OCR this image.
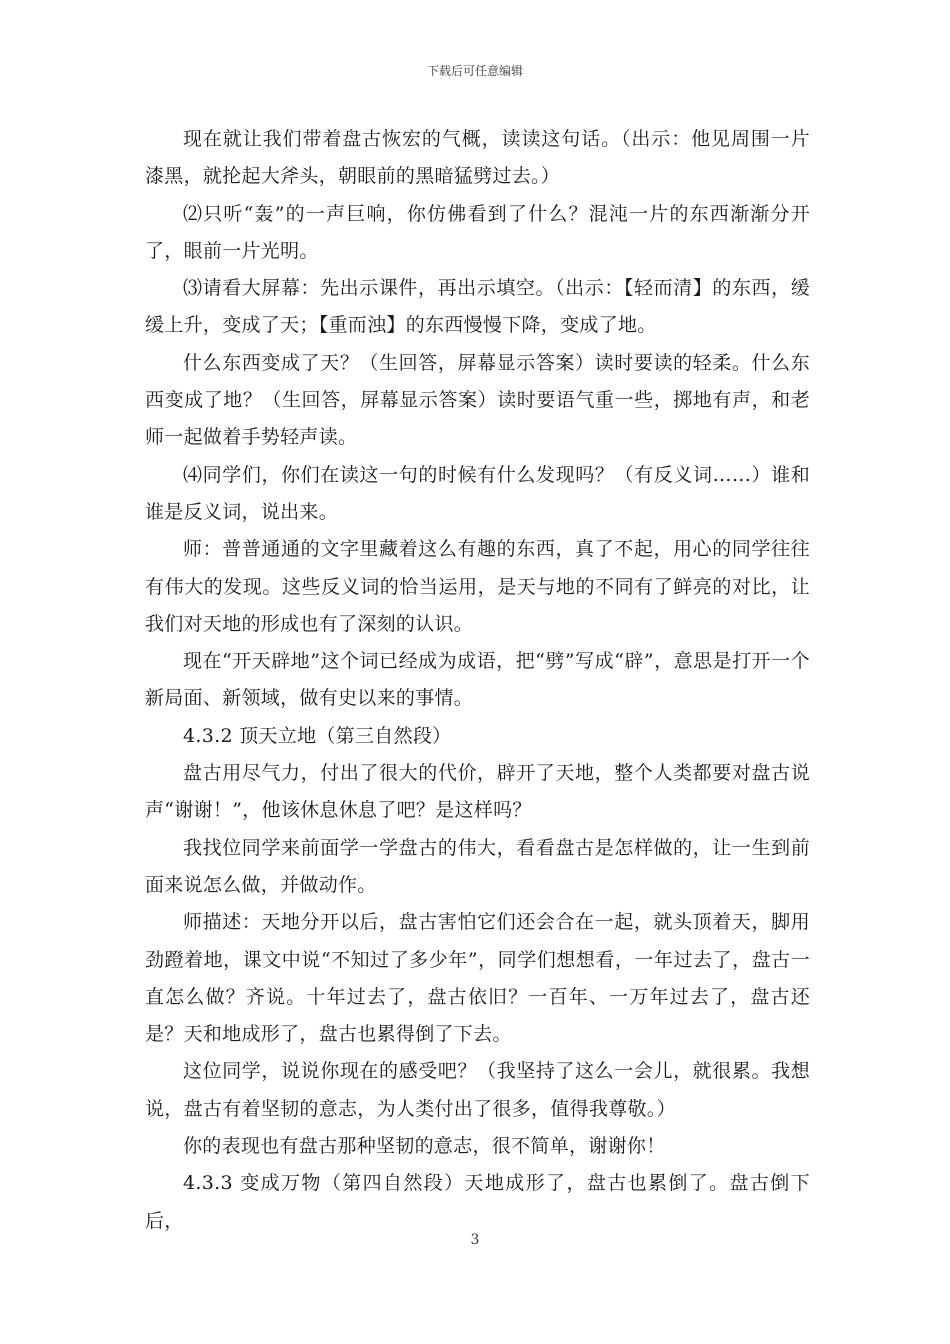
下载后可任意编辑

现在就让我们带着盘古恢宏的气概，读读这句话。（出示：他见周围一片漆黑，就抡起大斧头，朝眼前的黑暗猛劈过去。）

⑵只听“轰”的一声巨响，你仿佛看到了什么？混沌一片的东西渐渐分开了，眼前一片光明。

⑶请看大屏幕：先出示课件，再出示填空。（出示：【轻而清】的东西，缓缓上升，变成了天；【重而浊】的东西慢慢下降，变成了地。

什么东西变成了天？（生回答，屏幕显示答案）读时要读的轻柔。什么东西变成了地？（生回答，屏幕显示答案）读时要语气重一些，掷地有声，和老师一起做着手势轻声读。

⑷同学们，你们在读这一句的时候有什么发现吗？（有反义词……）谁和谁是反义词，说出来。

师：普普通通的文字里藏着这么有趣的东西，真了不起，用心的同学往往有伟大的发现。这些反义词的恰当运用，是天与地的不同有了鲜亮的对比，让我们对天地的形成也有了深刻的认识。

现在“开天辟地”这个词已经成为成语，把“劈”写成“辟”，意思是打开一个新局面、新领域，做有史以来的事情。

4.3.2 顶天立地（第三自然段）

盘古用尽气力，付出了很大的代价，辟开了天地，整个人类都要对盘古说声“谢谢！”，他该休息休息了吧？是这样吗？

我找位同学来前面学一学盘古的伟大，看看盘古是怎样做的，让一生到前面来说怎么做，并做动作。

师描述：天地分开以后，盘古害怕它们还会合在一起，就头顶着天，脚用劲蹬着地，课文中说“不知过了多少年”，同学们想想看，一年过去了，盘古一直怎么做？齐说。十年过去了，盘古依旧？一百年、一万年过去了，盘古还是？天和地成形了，盘古也累得倒了下去。

这位同学，说说你现在的感受吧？（我坚持了这么一会儿，就很累。我想说，盘古有着坚韧的意志，为人类付出了很多，值得我尊敬。）

你的表现也有盘古那种坚韧的意志，很不简单，谢谢你！

4.3.3 变成万物（第四自然段）天地成形了，盘古也累倒了。盘古倒下后，

3
